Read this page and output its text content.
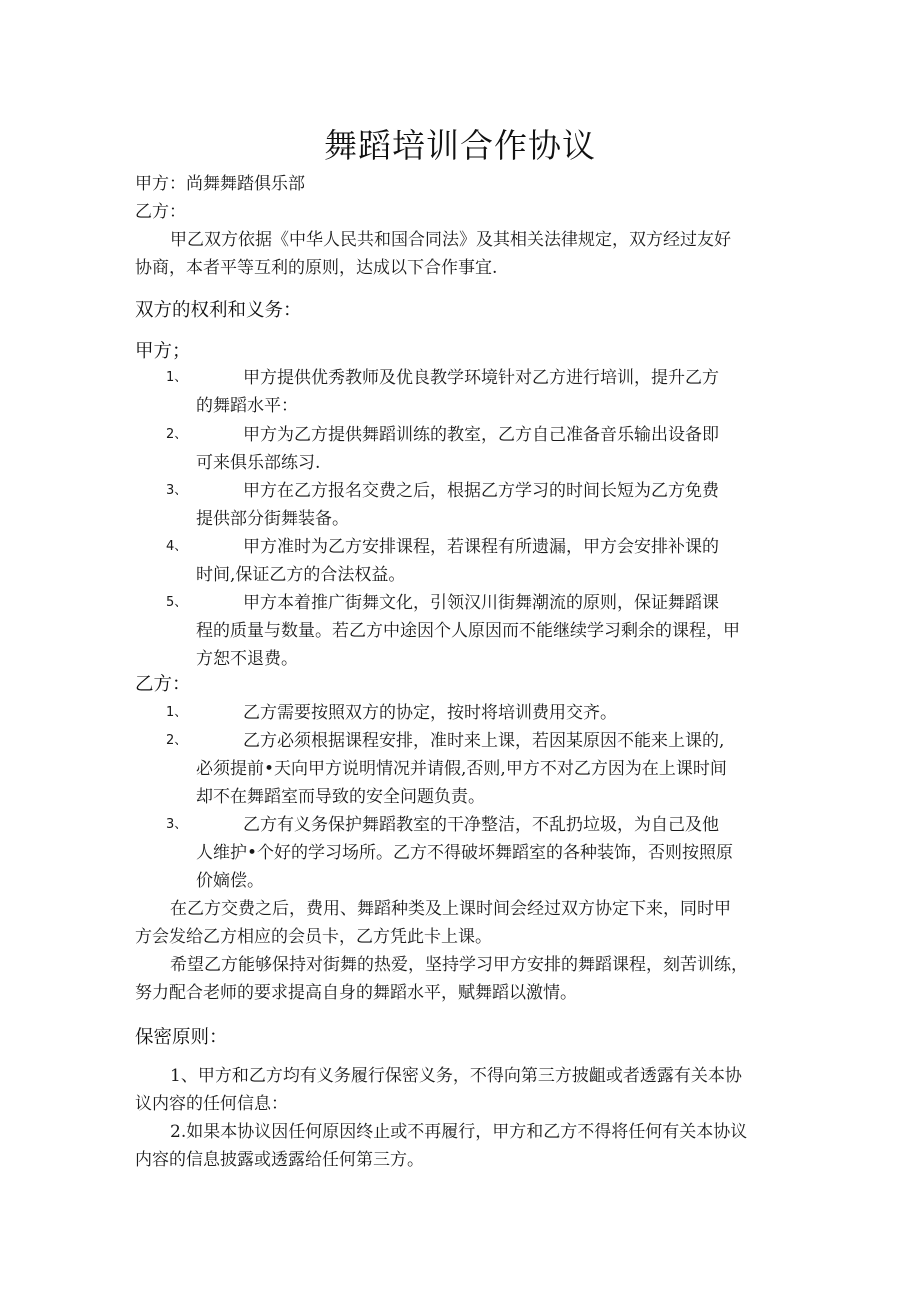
舞蹈培训合作协议
甲方：尚舞舞踏俱乐部
乙方：
甲乙双方依据《中华人民共和国合同法》及其相关法律规定，双方经过友好
协商，本者平等互利的原则，达成以下合作事宜.
双方的权利和义务：
甲方；
1、	甲方提供优秀教师及优良教学环境针对乙方进行培训，提升乙方
的舞蹈水平：
2、	甲方为乙方提供舞蹈训练的教室，乙方自己准备音乐输出设备即
可来俱乐部练习.
3、	甲方在乙方报名交费之后，根据乙方学习的时间长短为乙方免费
提供部分街舞装备。
4、	甲方准时为乙方安排课程，若课程有所遗漏，甲方会安排补课的
时间,保证乙方的合法权益。
5、	甲方本着推广街舞文化，引领汉川街舞潮流的原则，保证舞蹈课
程的质量与数量。若乙方中途因个人原因而不能继续学习剩余的课程，甲
方恕不退费。
乙方：
1、	乙方需要按照双方的协定，按时将培训费用交齐。
2、	乙方必须根据课程安排，准时来上课，若因某原因不能来上课的,
必须提前•天向甲方说明情况并请假,否则,甲方不对乙方因为在上课时间
却不在舞蹈室而导致的安全问题负责。
3、	乙方有义务保护舞蹈教室的干净整洁，不乱扔垃圾，为自己及他
人维护•个好的学习场所。乙方不得破坏舞蹈室的各种装饰，否则按照原
价嫡偿。
在乙方交费之后，费用、舞蹈种类及上课时间会经过双方协定下来，同时甲
方会发给乙方相应的会员卡，乙方凭此卡上课。
希望乙方能够保持对街舞的热爱，坚持学习甲方安排的舞蹈课程，刻苦训练，
努力配合老师的要求提高自身的舞蹈水平，赋舞蹈以激情。
保密原则：
1、甲方和乙方均有义务履行保密义务，不得向第三方披齟或者透露有关本协
议内容的任何信息：
2.如果本协议因任何原因终止或不再履行，甲方和乙方不得将任何有关本协议
内容的信息披露或透露给任何第三方。
